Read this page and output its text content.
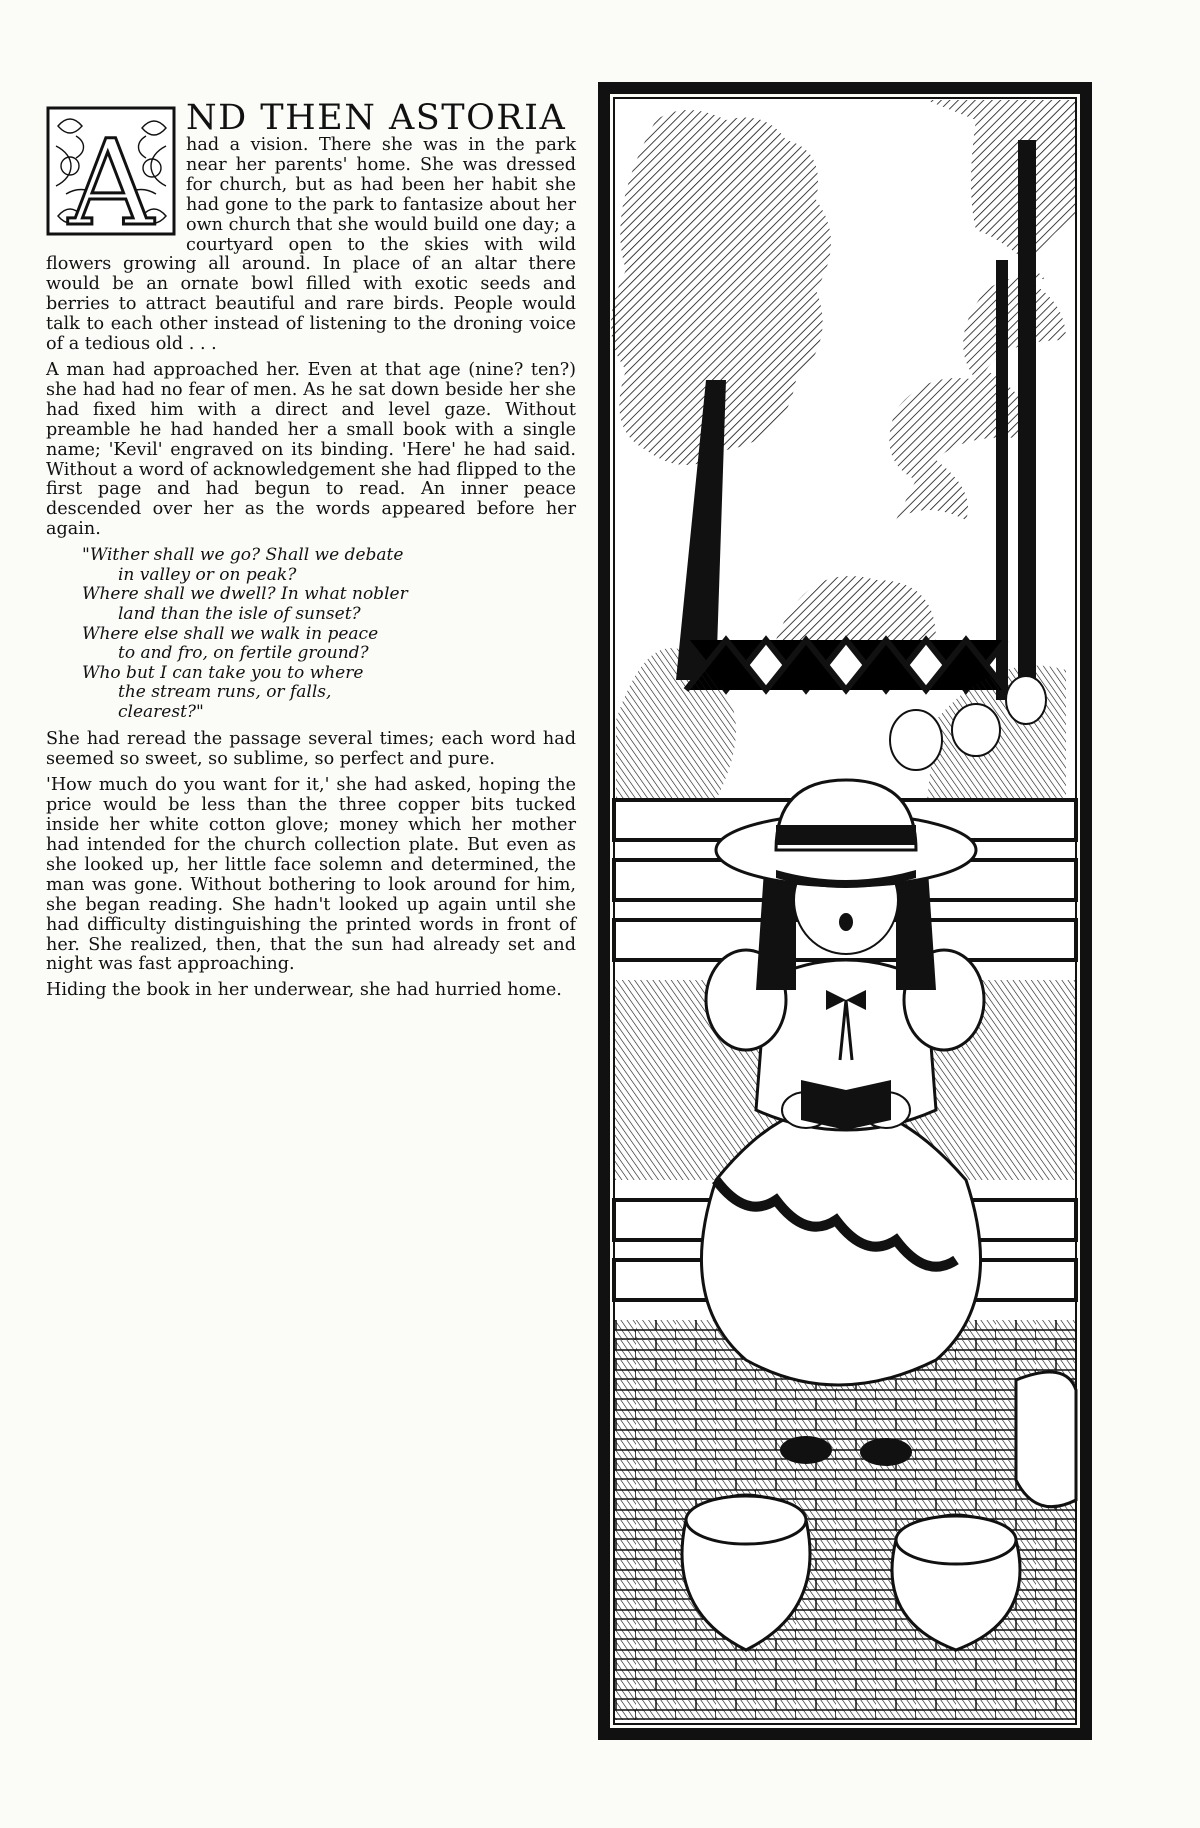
A ND THEN ASTORIA

had a vision. There she was in the park near her parents' home. She was dressed for church, but as had been her habit she had gone to the park to fantasize about her own church that she would build one day; a courtyard open to the skies with wild flowers growing all around. In place of an altar there would be an ornate bowl filled with exotic seeds and berries to attract beautiful and rare birds. People would talk to each other instead of listening to the droning voice of a tedious old . . .

A man had approached her. Even at that age (nine? ten?) she had had no fear of men. As he sat down beside her she had fixed him with a direct and level gaze. Without preamble he had handed her a small book with a single name; 'Kevil' engraved on its binding. 'Here' he had said. Without a word of acknowledgement she had flipped to the first page and had begun to read. An inner peace descended over her as the words appeared before her again.

"Wither shall we go? Shall we debate
in valley or on peak?
Where shall we dwell? In what nobler
land than the isle of sunset?
Where else shall we walk in peace
to and fro, on fertile ground?
Who but I can take you to where
the stream runs, or falls,
clearest?"

She had reread the passage several times; each word had seemed so sweet, so sublime, so perfect and pure.

'How much do you want for it,' she had asked, hoping the price would be less than the three copper bits tucked inside her white cotton glove; money which her mother had intended for the church collection plate. But even as she looked up, her little face solemn and determined, the man was gone. Without bothering to look around for him, she began reading. She hadn't looked up again until she had difficulty distinguishing the printed words in front of her. She realized, then, that the sun had already set and night was fast approaching.

Hiding the book in her underwear, she had hurried home.
